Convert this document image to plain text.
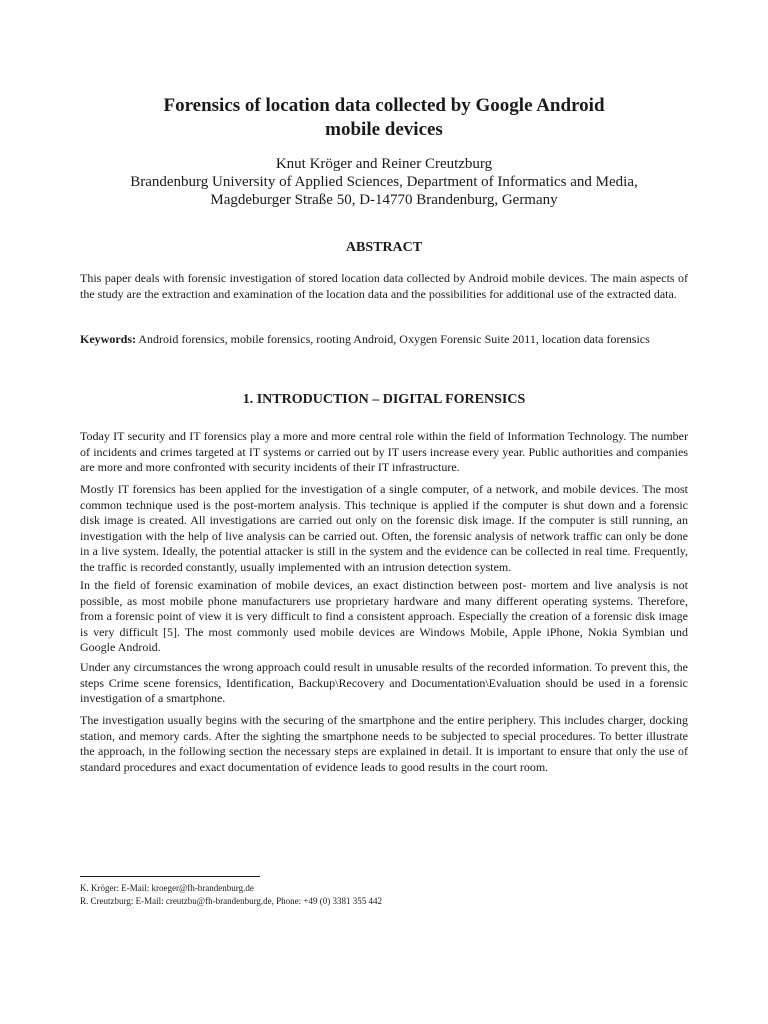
Forensics of location data collected by Google Android
mobile devices
Knut Kröger and Reiner Creutzburg
Brandenburg University of Applied Sciences, Department of Informatics and Media,
Magdeburger Straße 50, D-14770 Brandenburg, Germany
ABSTRACT

This paper deals with forensic investigation of stored location data collected by Android mobile devices. The main aspects of the study are the extraction and examination of the location data and the possibilities for additional use of the extracted data.

Keywords: Android forensics, mobile forensics, rooting Android, Oxygen Forensic Suite 2011, location data forensics

1. INTRODUCTION – DIGITAL FORENSICS

Today IT security and IT forensics play a more and more central role within the field of Information Technology. The number of incidents and crimes targeted at IT systems or carried out by IT users increase every year. Public authorities and companies are more and more confronted with security incidents of their IT infrastructure.

Mostly IT forensics has been applied for the investigation of a single computer, of a network, and mobile devices. The most common technique used is the post-mortem analysis. This technique is applied if the computer is shut down and a forensic disk image is created. All investigations are carried out only on the forensic disk image. If the computer is still running, an investigation with the help of live analysis can be carried out. Often, the forensic analysis of network traffic can only be done in a live system. Ideally, the potential attacker is still in the system and the evidence can be collected in real time. Frequently, the traffic is recorded constantly, usually implemented with an intrusion detection system.

In the field of forensic examination of mobile devices, an exact distinction between post- mortem and live analysis is not possible, as most mobile phone manufacturers use proprietary hardware and many different operating systems. Therefore, from a forensic point of view it is very difficult to find a consistent approach. Especially the creation of a forensic disk image is very difficult [5]. The most commonly used mobile devices are Windows Mobile, Apple iPhone, Nokia Symbian und Google Android.

Under any circumstances the wrong approach could result in unusable results of the recorded information. To prevent this, the steps Crime scene forensics, Identification, Backup\Recovery and Documentation\Evaluation should be used in a forensic investigation of a smartphone.

The investigation usually begins with the securing of the smartphone and the entire periphery. This includes charger, docking station, and memory cards. After the sighting the smartphone needs to be subjected to special procedures. To better illustrate the approach, in the following section the necessary steps are explained in detail. It is important to ensure that only the use of standard procedures and exact documentation of evidence leads to good results in the court room.

K. Kröger: E-Mail: kroeger@fh-brandenburg.de
R. Creutzburg: E-Mail: creutzbu@fh-brandenburg.de, Phone: +49 (0) 3381 355 442
